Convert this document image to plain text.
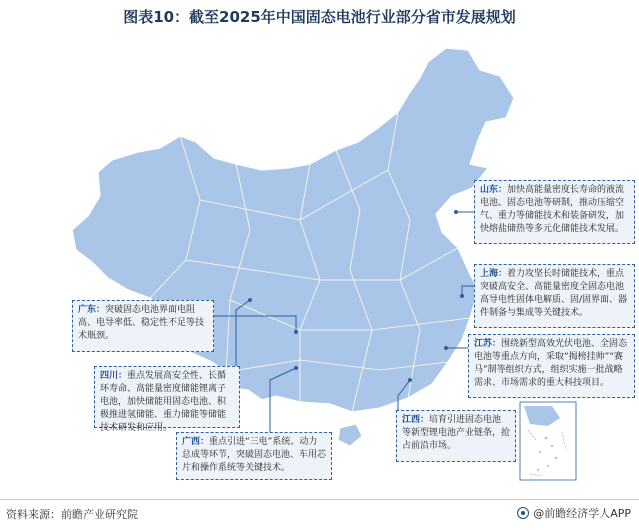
图表10：截至2025年中国固态电池行业部分省市发展规划
山东：加快高能量密度长寿命的液流电池、固态电池等研制，推动压缩空气、重力等储能技术和装备研发，加快熔盐储热等多元化储能技术发展。
上海：着力攻坚长时储能技术，重点突破高安全、高能量密度全固态电池高导电性固体电解质、固/固界面、器件制备与集成等关键技术。
江苏：围绕新型高效光伏电池、全固态电池等重点方向，采取“揭榜挂帅”“赛马”制等组织方式，组织实施一批战略需求、市场需求的重大科技项目。
江西：培育引进固态电池等新型锂电池产业链条，抢占前沿市场。
广东：突破固态电池界面电阻高、电导率低、稳定性不足等技术瓶颈。
四川：重点发展高安全性、长循环寿命、高能量密度储能锂离子电池，加快储能用固态电池、积极推进氢储能、重力储能等储能技术研发和应用。
广西：重点引进“三电”系统、动力总成等环节，突破固态电池、车用芯片和操作系统等关键技术。
资料来源：前瞻产业研究院	@前瞻经济学人APP
